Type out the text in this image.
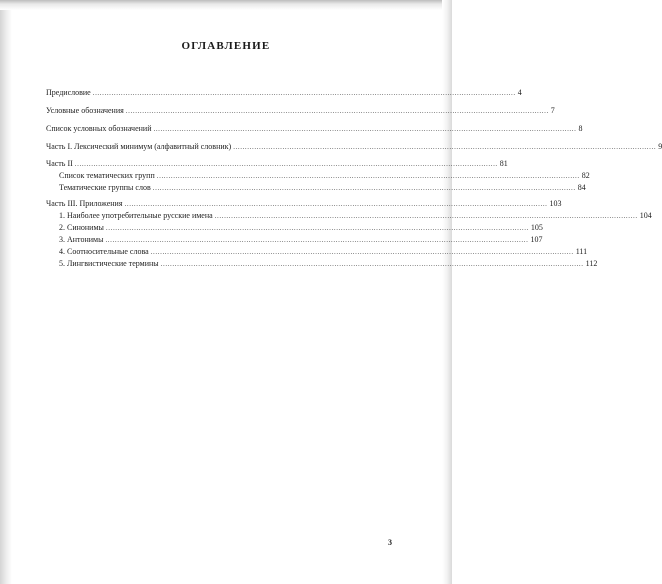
ОГЛАВЛЕНИЕ
Предисловие .................................................................................................................................................................................... 4
Условные обозначения .................................................................................................................................................................................... 7
Список условных обозначений .................................................................................................................................................................................... 8
Часть I. Лексический минимум (алфавитный словник) .................................................................................................................................................................................... 9
Часть II .................................................................................................................................................................................... 81
Список тематических групп .................................................................................................................................................................................... 82
Тематические группы слов .................................................................................................................................................................................... 84
Часть III. Приложения .................................................................................................................................................................................... 103
1. Наиболее употребительные русские имена .................................................................................................................................................................................... 104
2. Синонимы .................................................................................................................................................................................... 105
3. Антонимы .................................................................................................................................................................................... 107
4. Соотносительные слова .................................................................................................................................................................................... 111
5. Лингвистические термины .................................................................................................................................................................................... 112
3
